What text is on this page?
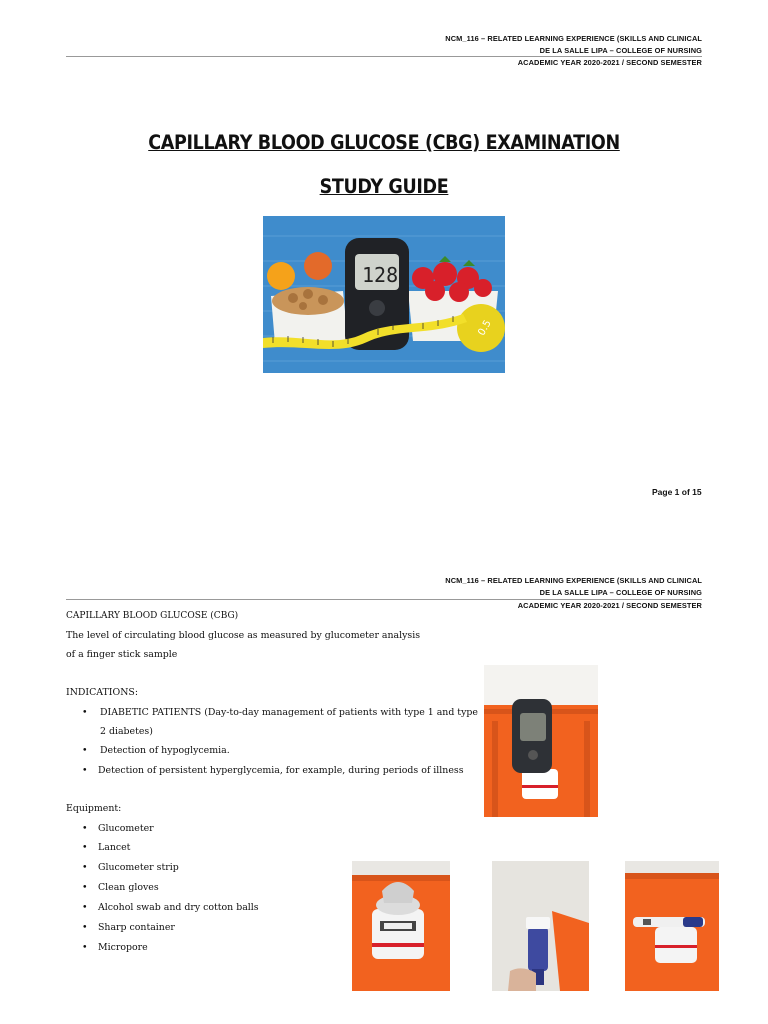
NCM_116 – RELATED LEARNING EXPERIENCE (SKILLS AND CLINICAL
DE LA SALLE LIPA – COLLEGE OF NURSING
ACADEMIC YEAR 2020-2021 / SECOND SEMESTER
CAPILLARY BLOOD GLUCOSE (CBG) EXAMINATION
STUDY GUIDE
0.5
128
Page 1 of 15
NCM_116 – RELATED LEARNING EXPERIENCE (SKILLS AND CLINICAL
DE LA SALLE LIPA – COLLEGE OF NURSING
ACADEMIC YEAR 2020-2021 / SECOND SEMESTER
CAPILLARY BLOOD GLUCOSE (CBG)
The level of circulating blood glucose as measured by glucometer analysis
of a finger stick sample
INDICATIONS:
• DIABETIC PATIENTS (Day-to-day management of patients with type 1 and type
2 diabetes)
• Detection of hypoglycemia.
• Detection of persistent hyperglycemia, for example, during periods of illness
Equipment:
• Glucometer
• Lancet
• Glucometer strip
• Clean gloves
• Alcohol swab and dry cotton balls
• Sharp container
• Micropore
